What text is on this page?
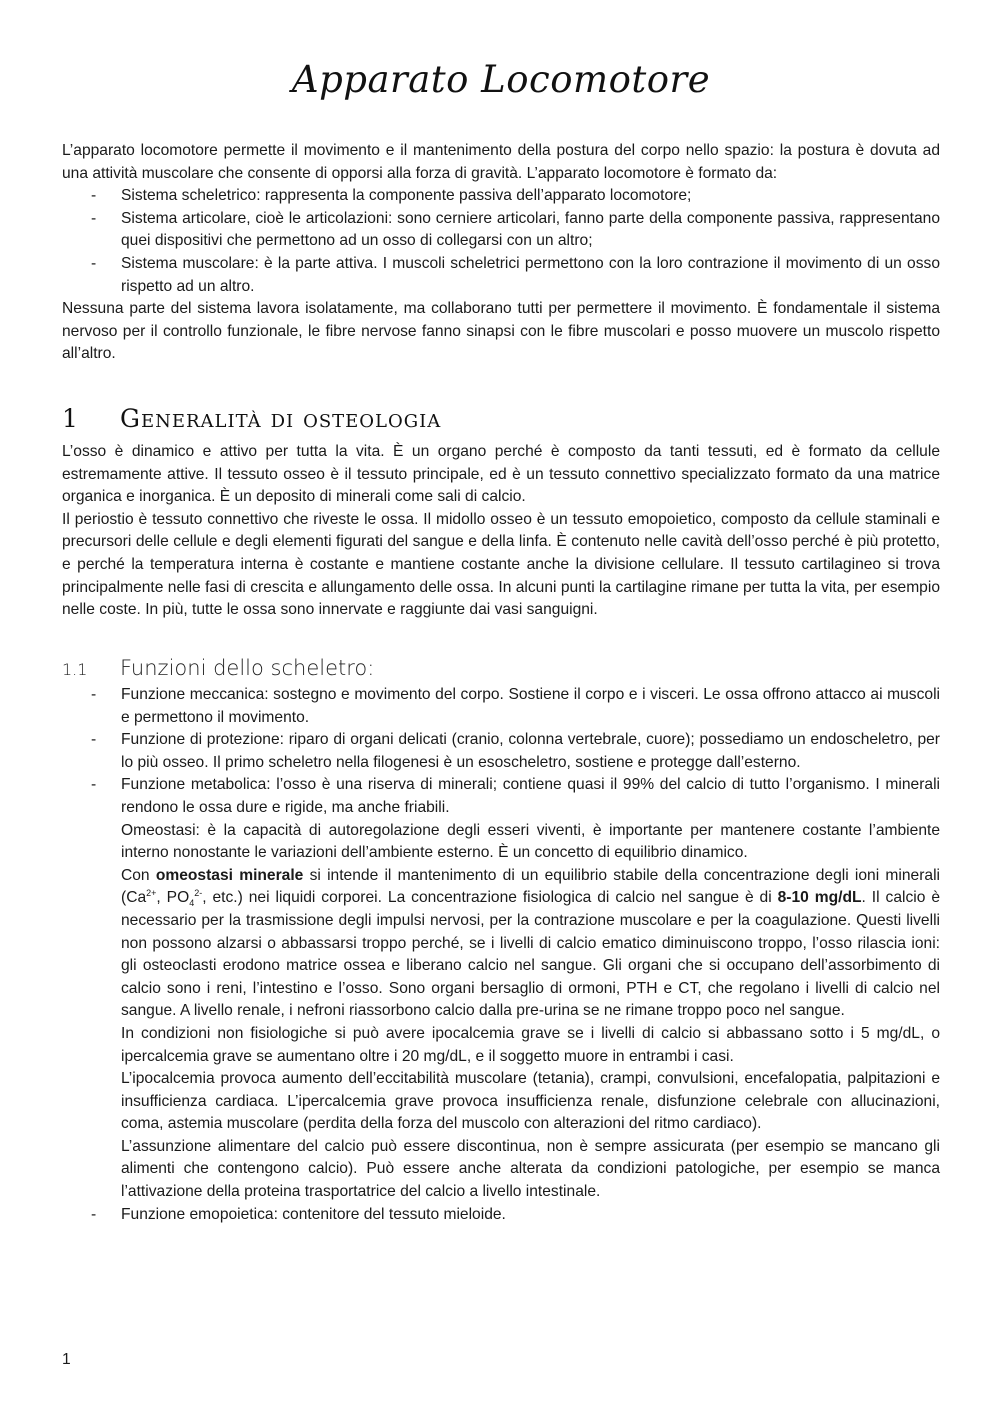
Apparato Locomotore

L’apparato locomotore permette il movimento e il mantenimento della postura del corpo nello spazio: la postura è dovuta ad una attività muscolare che consente di opporsi alla forza di gravità. L’apparato locomotore è formato da:

- Sistema scheletrico: rappresenta la componente passiva dell’apparato locomotore;
- Sistema articolare, cioè le articolazioni: sono cerniere articolari, fanno parte della componente passiva, rappresentano quei dispositivi che permettono ad un osso di collegarsi con un altro;
- Sistema muscolare: è la parte attiva. I muscoli scheletrici permettono con la loro contrazione il movimento di un osso rispetto ad un altro.

Nessuna parte del sistema lavora isolatamente, ma collaborano tutti per permettere il movimento. È fondamentale il sistema nervoso per il controllo funzionale, le fibre nervose fanno sinapsi con le fibre muscolari e posso muovere un muscolo rispetto all’altro.

1 Generalità di osteologia

L’osso è dinamico e attivo per tutta la vita. È un organo perché è composto da tanti tessuti, ed è formato da cellule estremamente attive. Il tessuto osseo è il tessuto principale, ed è un tessuto connettivo specializzato formato da una matrice organica e inorganica. È un deposito di minerali come sali di calcio.

Il periostio è tessuto connettivo che riveste le ossa. Il midollo osseo è un tessuto emopoietico, composto da cellule staminali e precursori delle cellule e degli elementi figurati del sangue e della linfa. È contenuto nelle cavità dell’osso perché è più protetto, e perché la temperatura interna è costante e mantiene costante anche la divisione cellulare. Il tessuto cartilagineo si trova principalmente nelle fasi di crescita e allungamento delle ossa. In alcuni punti la cartilagine rimane per tutta la vita, per esempio nelle coste. In più, tutte le ossa sono innervate e raggiunte dai vasi sanguigni.

1.1 Funzioni dello scheletro:
- Funzione meccanica: sostegno e movimento del corpo. Sostiene il corpo e i visceri. Le ossa offrono attacco ai muscoli e permettono il movimento.
- Funzione di protezione: riparo di organi delicati (cranio, colonna vertebrale, cuore); possediamo un endoscheletro, per lo più osseo. Il primo scheletro nella filogenesi è un esoscheletro, sostiene e protegge dall’esterno.
- Funzione metabolica: l’osso è una riserva di minerali; contiene quasi il 99% del calcio di tutto l’organismo. I minerali rendono le ossa dure e rigide, ma anche friabili.

Omeostasi: è la capacità di autoregolazione degli esseri viventi, è importante per mantenere costante l’ambiente interno nonostante le variazioni dell’ambiente esterno. È un concetto di equilibrio dinamico.

Con omeostasi minerale si intende il mantenimento di un equilibrio stabile della concentrazione degli ioni minerali ($Ca^{2+}$, $PO_4^{2-}$, etc.) nei liquidi corporei. La concentrazione fisiologica di calcio nel sangue è di 8-10 mg/dL. Il calcio è necessario per la trasmissione degli impulsi nervosi, per la contrazione muscolare e per la coagulazione. Questi livelli non possono alzarsi o abbassarsi troppo perché, se i livelli di calcio ematico diminuiscono troppo, l’osso rilascia ioni: gli osteoclasti erodono matrice ossea e liberano calcio nel sangue. Gli organi che si occupano dell’assorbimento di calcio sono i reni, l’intestino e l’osso. Sono organi bersaglio di ormoni, PTH e CT, che regolano i livelli di calcio nel sangue. A livello renale, i nefroni riassorbono calcio dalla pre-urina se ne rimane troppo poco nel sangue.

In condizioni non fisiologiche si può avere ipocalcemia grave se i livelli di calcio si abbassano sotto i 5 mg/dL, o ipercalcemia grave se aumentano oltre i 20 mg/dL, e il soggetto muore in entrambi i casi.

L’ipocalcemia provoca aumento dell’eccitabilità muscolare (tetania), crampi, convulsioni, encefalopatia, palpitazioni e insufficienza cardiaca. L’ipercalcemia grave provoca insufficienza renale, disfunzione celebrale con allucinazioni, coma, astemia muscolare (perdita della forza del muscolo con alterazioni del ritmo cardiaco).

L’assunzione alimentare del calcio può essere discontinua, non è sempre assicurata (per esempio se mancano gli alimenti che contengono calcio). Può essere anche alterata da condizioni patologiche, per esempio se manca l’attivazione della proteina trasportatrice del calcio a livello intestinale.

- Funzione emopoietica: contenitore del tessuto mieloide.
1
